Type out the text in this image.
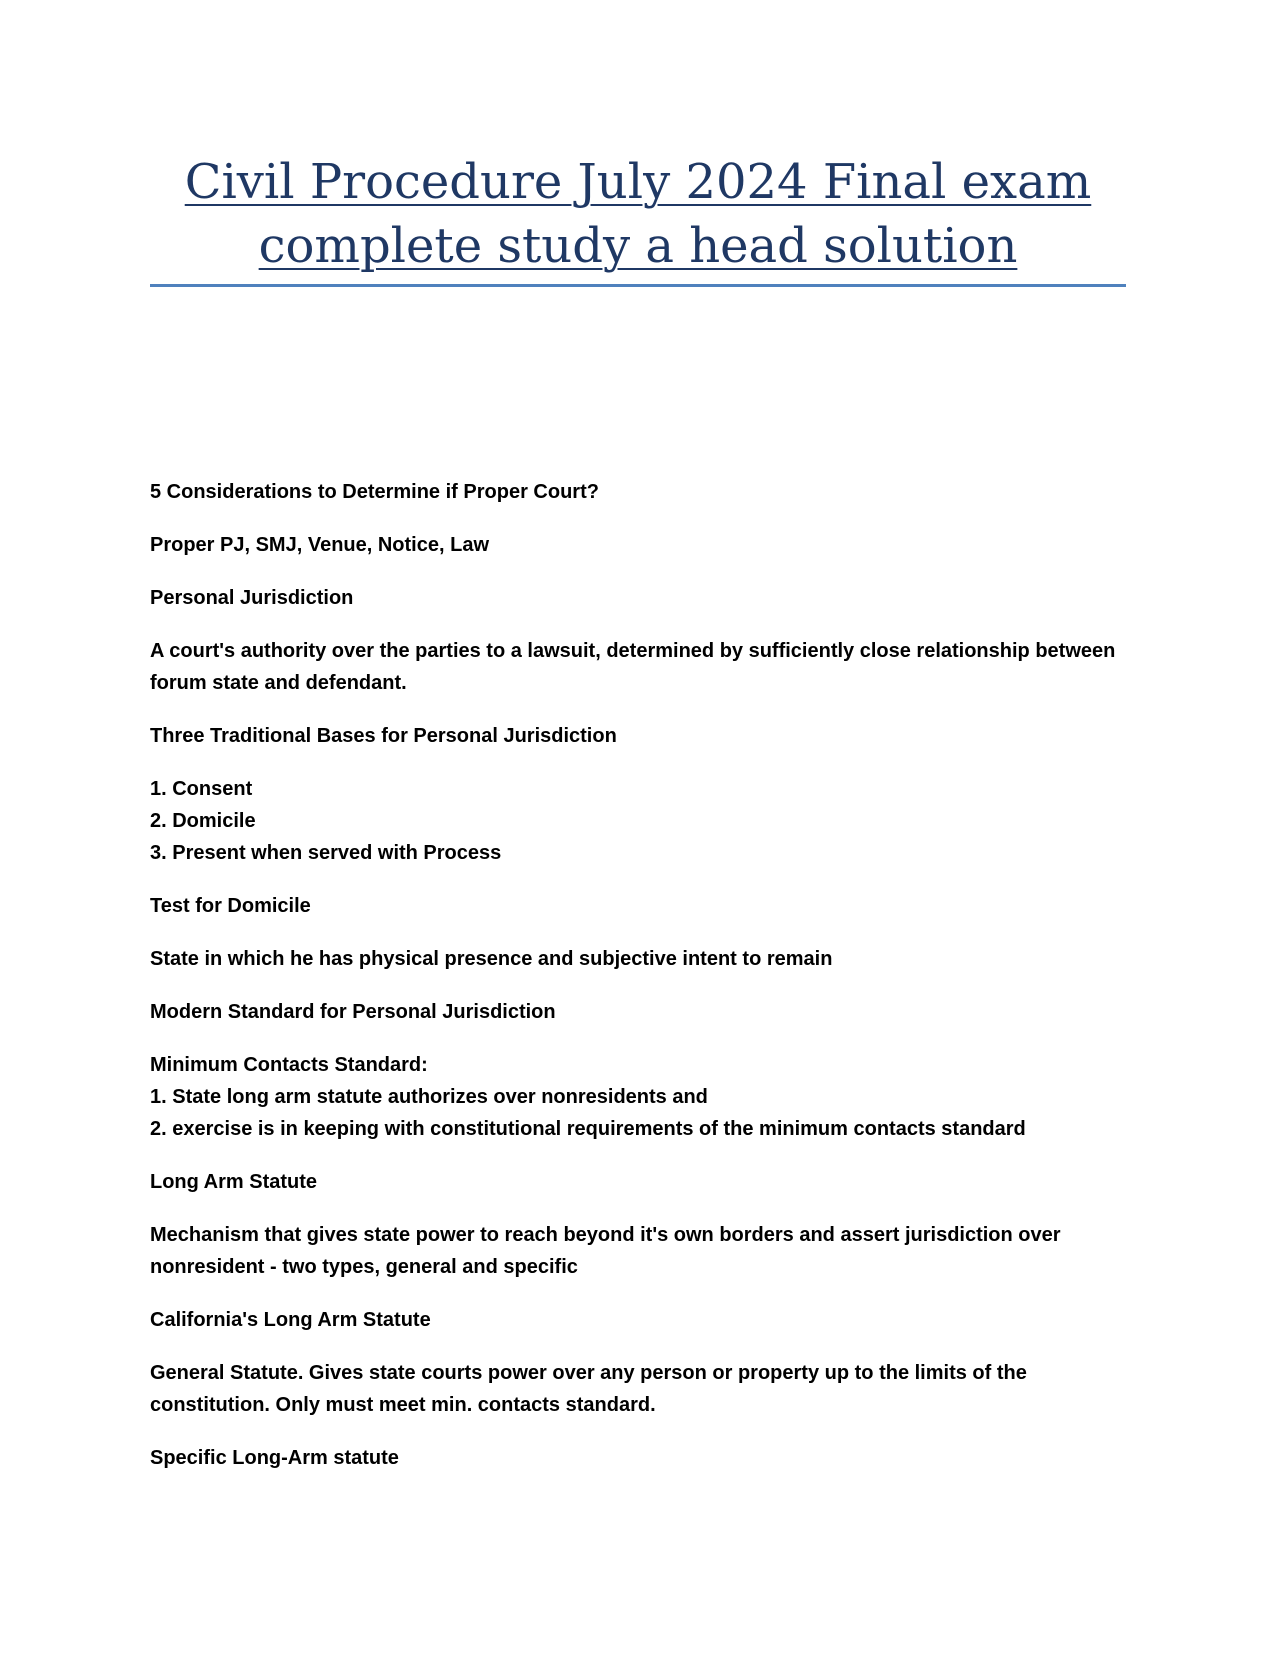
Civil Procedure July 2024 Final exam
complete study a head solution

5 Considerations to Determine if Proper Court?

Proper PJ, SMJ, Venue, Notice, Law

Personal Jurisdiction

A court's authority over the parties to a lawsuit, determined by sufficiently close relationship between
forum state and defendant.

Three Traditional Bases for Personal Jurisdiction

1. Consent
2. Domicile
3. Present when served with Process

Test for Domicile

State in which he has physical presence and subjective intent to remain

Modern Standard for Personal Jurisdiction

Minimum Contacts Standard:
1. State long arm statute authorizes over nonresidents and
2. exercise is in keeping with constitutional requirements of the minimum contacts standard

Long Arm Statute

Mechanism that gives state power to reach beyond it's own borders and assert jurisdiction over
nonresident - two types, general and specific

California's Long Arm Statute

General Statute. Gives state courts power over any person or property up to the limits of the
constitution. Only must meet min. contacts standard.

Specific Long-Arm statute
